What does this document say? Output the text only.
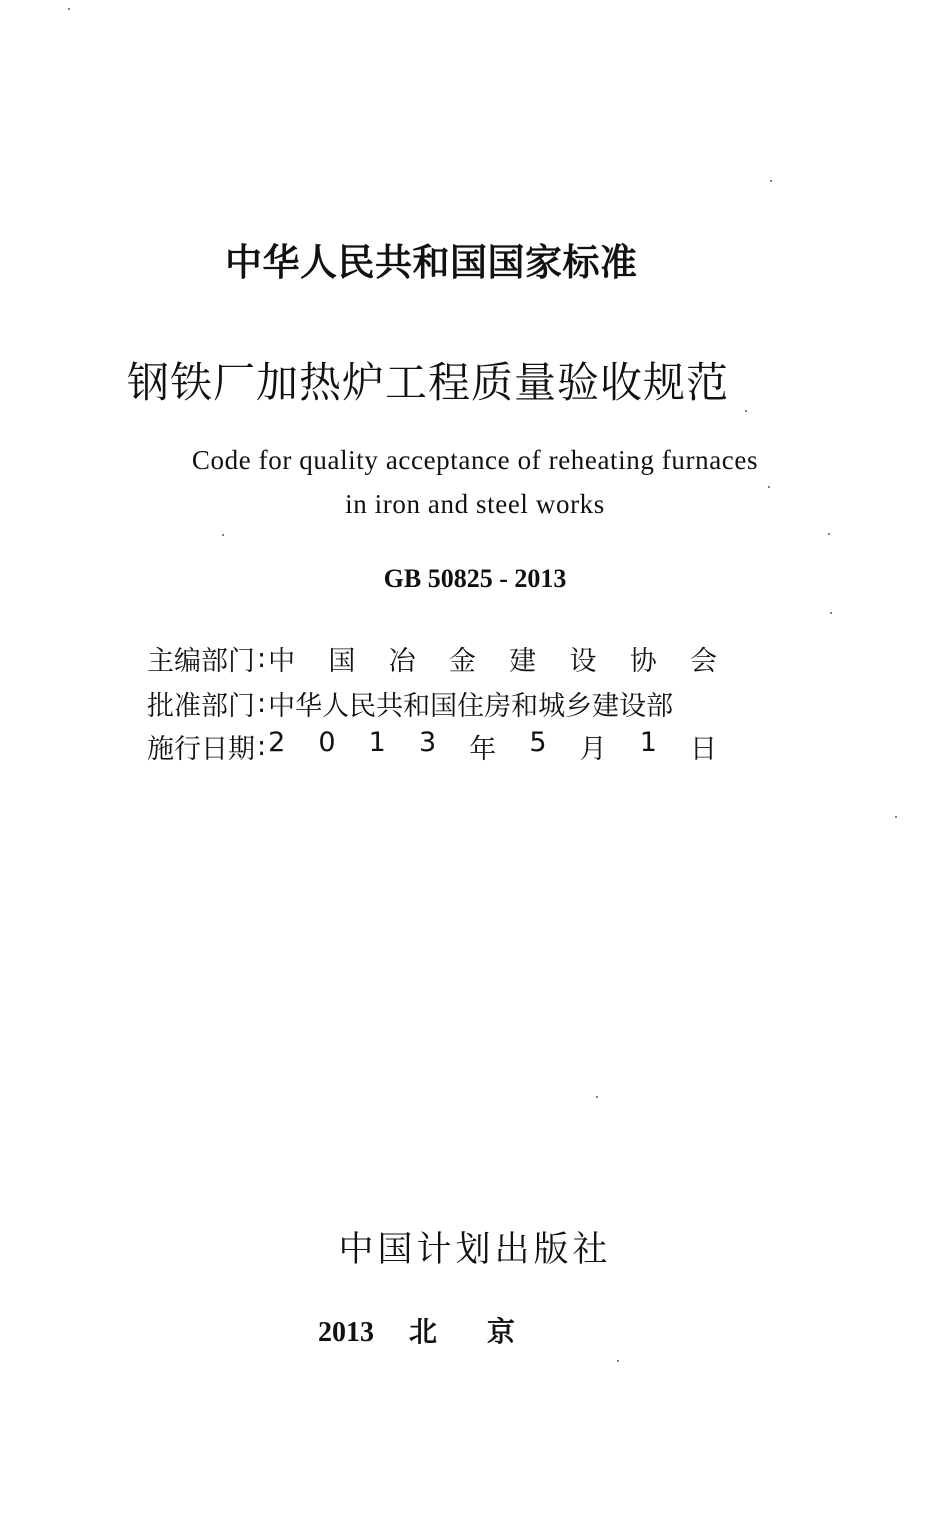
中华人民共和国国家标准
钢铁厂加热炉工程质量验收规范
Code for quality acceptance of reheating furnaces
in iron and steel works
GB 50825 - 2013
主编部门 : 中 国 冶 金 建 设 协 会
批准部门 : 中华人民共和国住房和城乡建设部
施行日期 : 2 0 1 3 年 5 月 1 日
中国计划出版社
2013 北 京
